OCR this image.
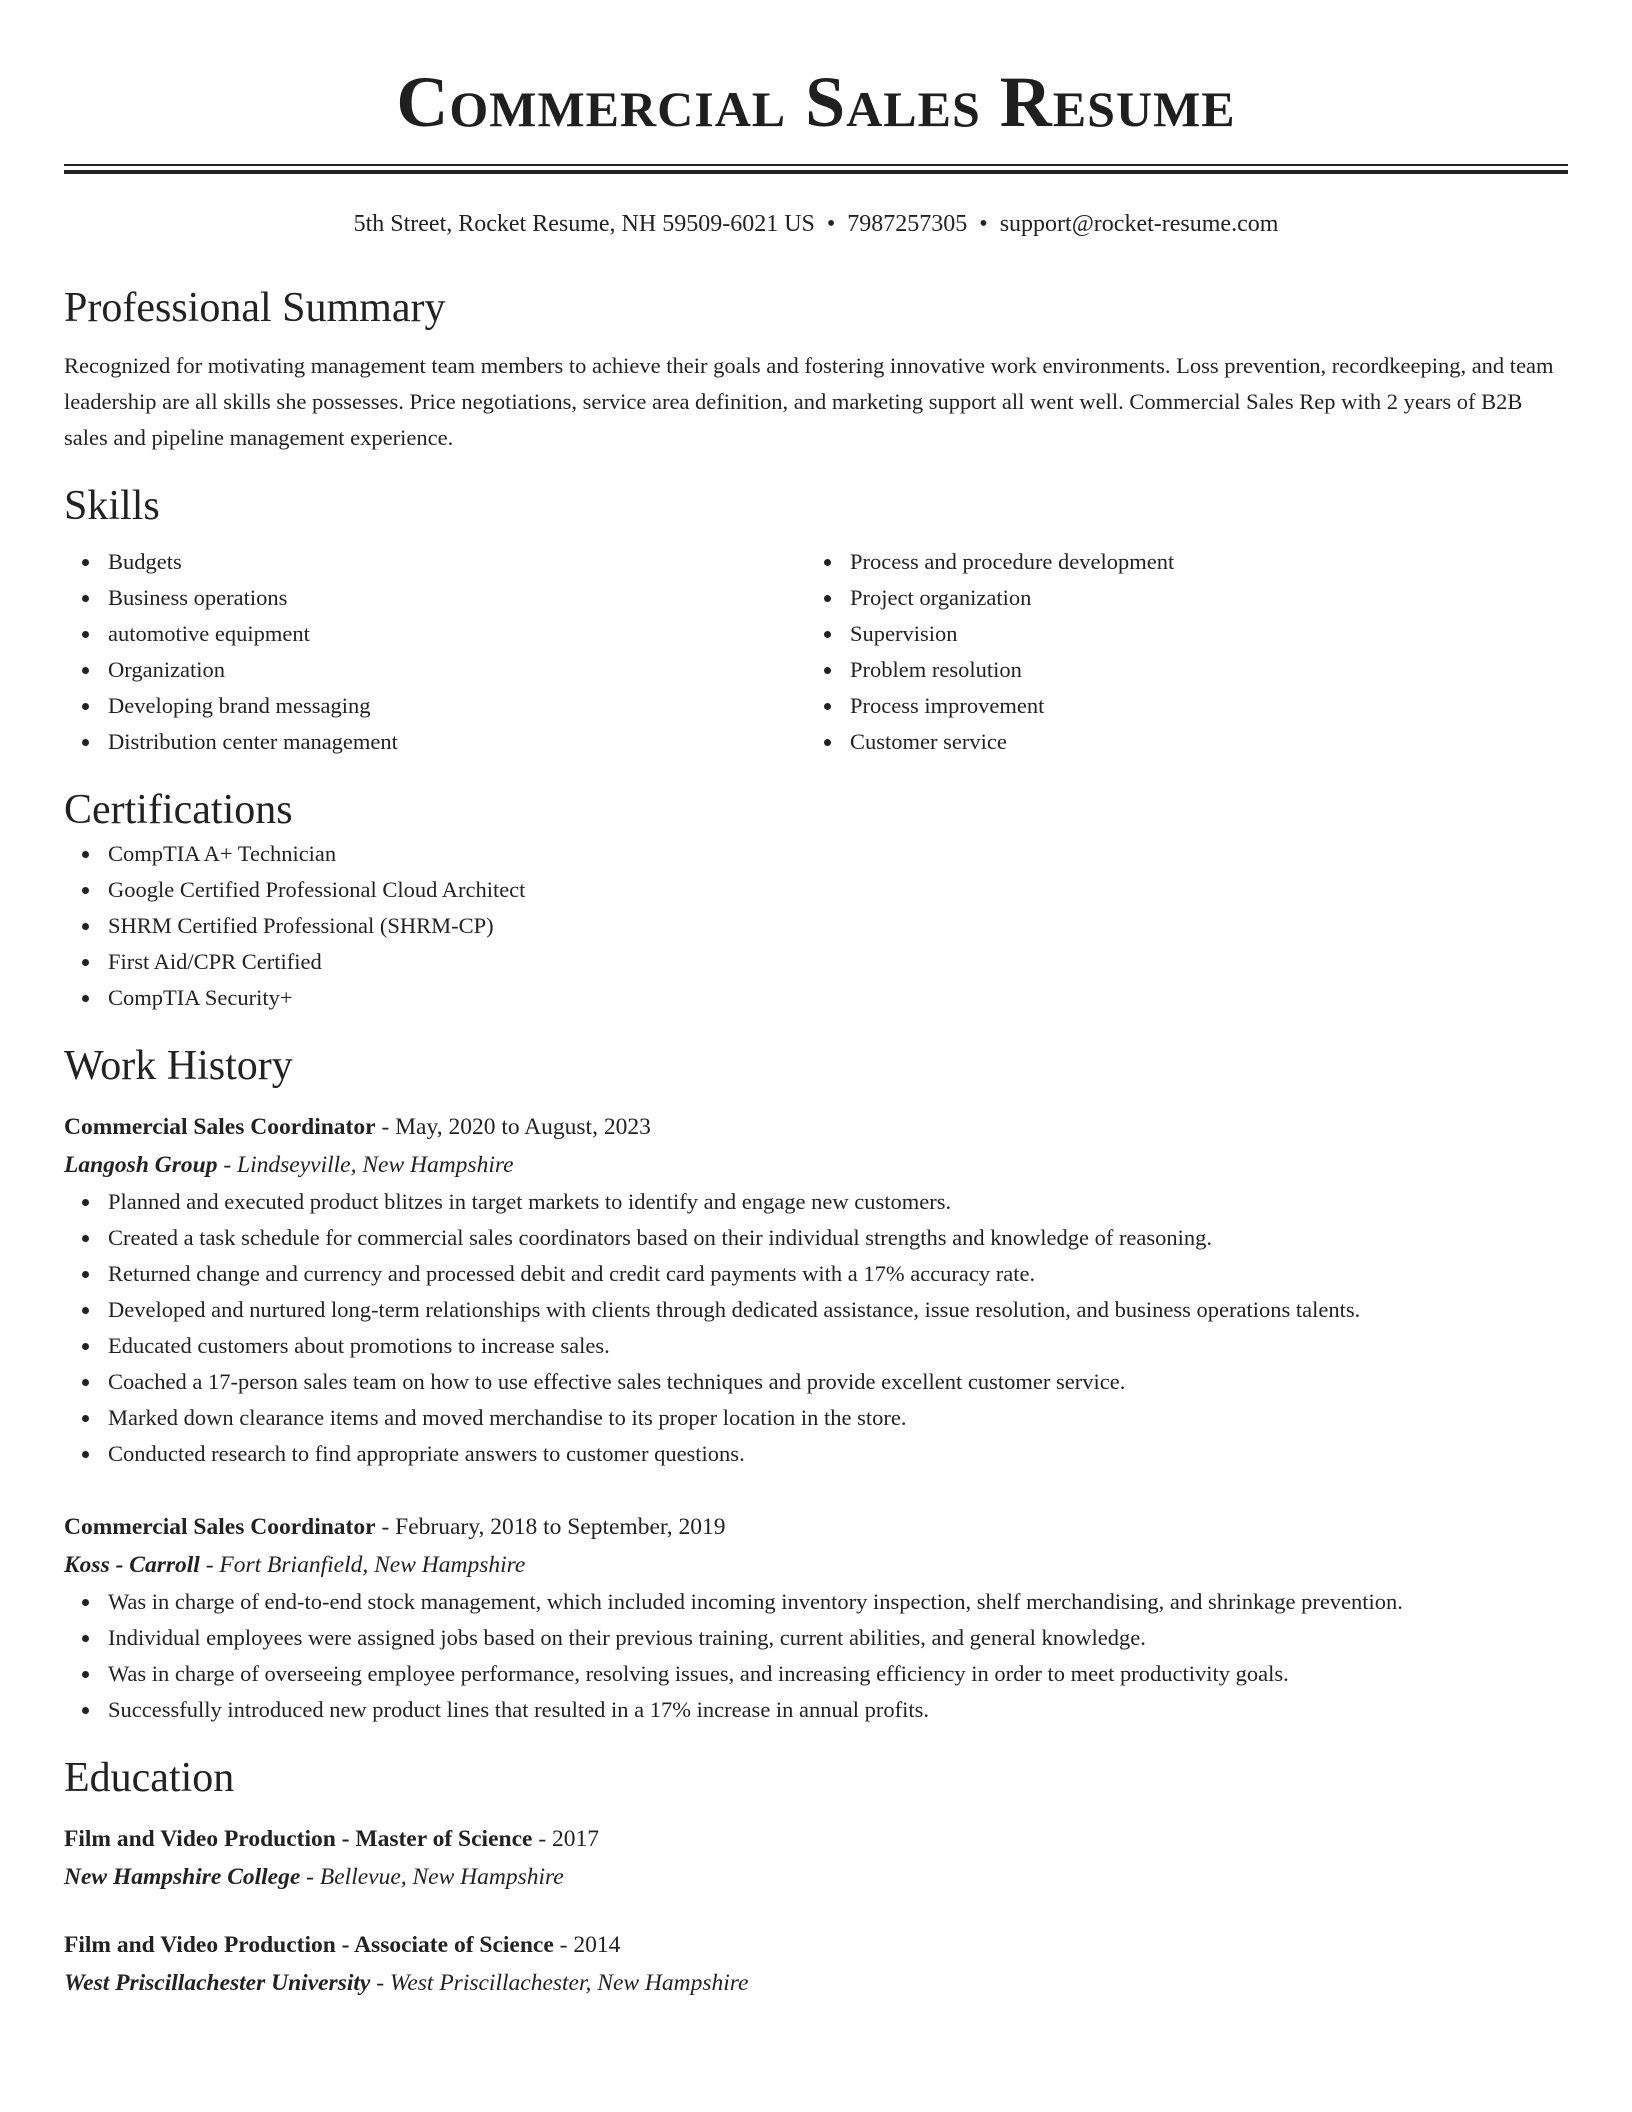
Commercial Sales Resume
5th Street, Rocket Resume, NH 59509-6021 US • 7987257305 • support@rocket-resume.com
Professional Summary
Recognized for motivating management team members to achieve their goals and fostering innovative work environments. Loss prevention, recordkeeping, and team leadership are all skills she possesses. Price negotiations, service area definition, and marketing support all went well. Commercial Sales Rep with 2 years of B2B sales and pipeline management experience.
Skills
Budgets
Business operations
automotive equipment
Organization
Developing brand messaging
Distribution center management
Process and procedure development
Project organization
Supervision
Problem resolution
Process improvement
Customer service
Certifications
CompTIA A+ Technician
Google Certified Professional Cloud Architect
SHRM Certified Professional (SHRM-CP)
First Aid/CPR Certified
CompTIA Security+
Work History
Commercial Sales Coordinator - May, 2020 to August, 2023
Langosh Group - Lindseyville, New Hampshire
Planned and executed product blitzes in target markets to identify and engage new customers.
Created a task schedule for commercial sales coordinators based on their individual strengths and knowledge of reasoning.
Returned change and currency and processed debit and credit card payments with a 17% accuracy rate.
Developed and nurtured long-term relationships with clients through dedicated assistance, issue resolution, and business operations talents.
Educated customers about promotions to increase sales.
Coached a 17-person sales team on how to use effective sales techniques and provide excellent customer service.
Marked down clearance items and moved merchandise to its proper location in the store.
Conducted research to find appropriate answers to customer questions.
Commercial Sales Coordinator - February, 2018 to September, 2019
Koss - Carroll - Fort Brianfield, New Hampshire
Was in charge of end-to-end stock management, which included incoming inventory inspection, shelf merchandising, and shrinkage prevention.
Individual employees were assigned jobs based on their previous training, current abilities, and general knowledge.
Was in charge of overseeing employee performance, resolving issues, and increasing efficiency in order to meet productivity goals.
Successfully introduced new product lines that resulted in a 17% increase in annual profits.
Education
Film and Video Production - Master of Science - 2017
New Hampshire College - Bellevue, New Hampshire
Film and Video Production - Associate of Science - 2014
West Priscillachester University - West Priscillachester, New Hampshire
